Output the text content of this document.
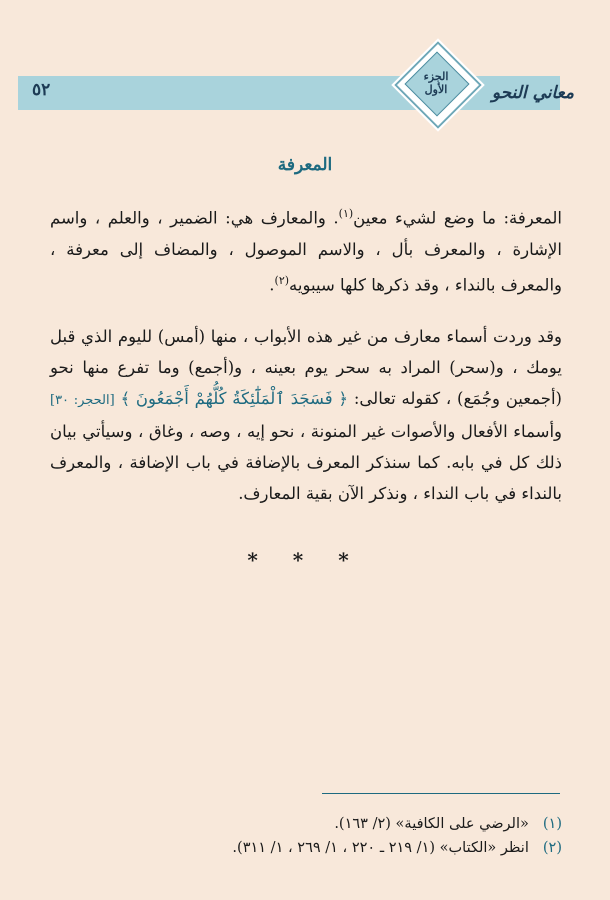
٥٢	معاني النحو
الجزء
الأول
المعرفة

المعرفة: ما وضع لشيء معين$^{(١)}$. والمعارف هي: الضمير ، والعلم ، واسم الإشارة ، والمعرف بأل ، والاسم الموصول ، والمضاف إلى معرفة ، والمعرف بالنداء ، وقد ذكرها كلها سيبويه$^{(٢)}$.

وقد وردت أسماء معارف من غير هذه الأبواب ، منها (أمس) لليوم الذي قبل يومك ، و(سحر) المراد به سحر يوم بعينه ، و(أجمع) وما تفرع منها نحو (أجمعين وجُمَع) ، كقوله تعالى: ﴿ فَسَجَدَ ٱلْمَلَٰٓئِكَةُ كُلُّهُمْ أَجْمَعُونَ ﴾ [الحجر: ٣٠] وأسماء الأفعال والأصوات غير المنونة ، نحو إيه ، وصه ، وغاق ، وسيأتي بيان ذلك كل في بابه. كما سنذكر المعرف بالإضافة في باب الإضافة ، والمعرف بالنداء في باب النداء ، ونذكر الآن بقية المعارف.

* * *
(١)«الرضي على الكافية» (٢/ ١٦٣).
(٢)انظر «الكتاب» (١/ ٢١٩ ـ ٢٢٠ ، ١/ ٢٦٩ ، ١/ ٣١١).
